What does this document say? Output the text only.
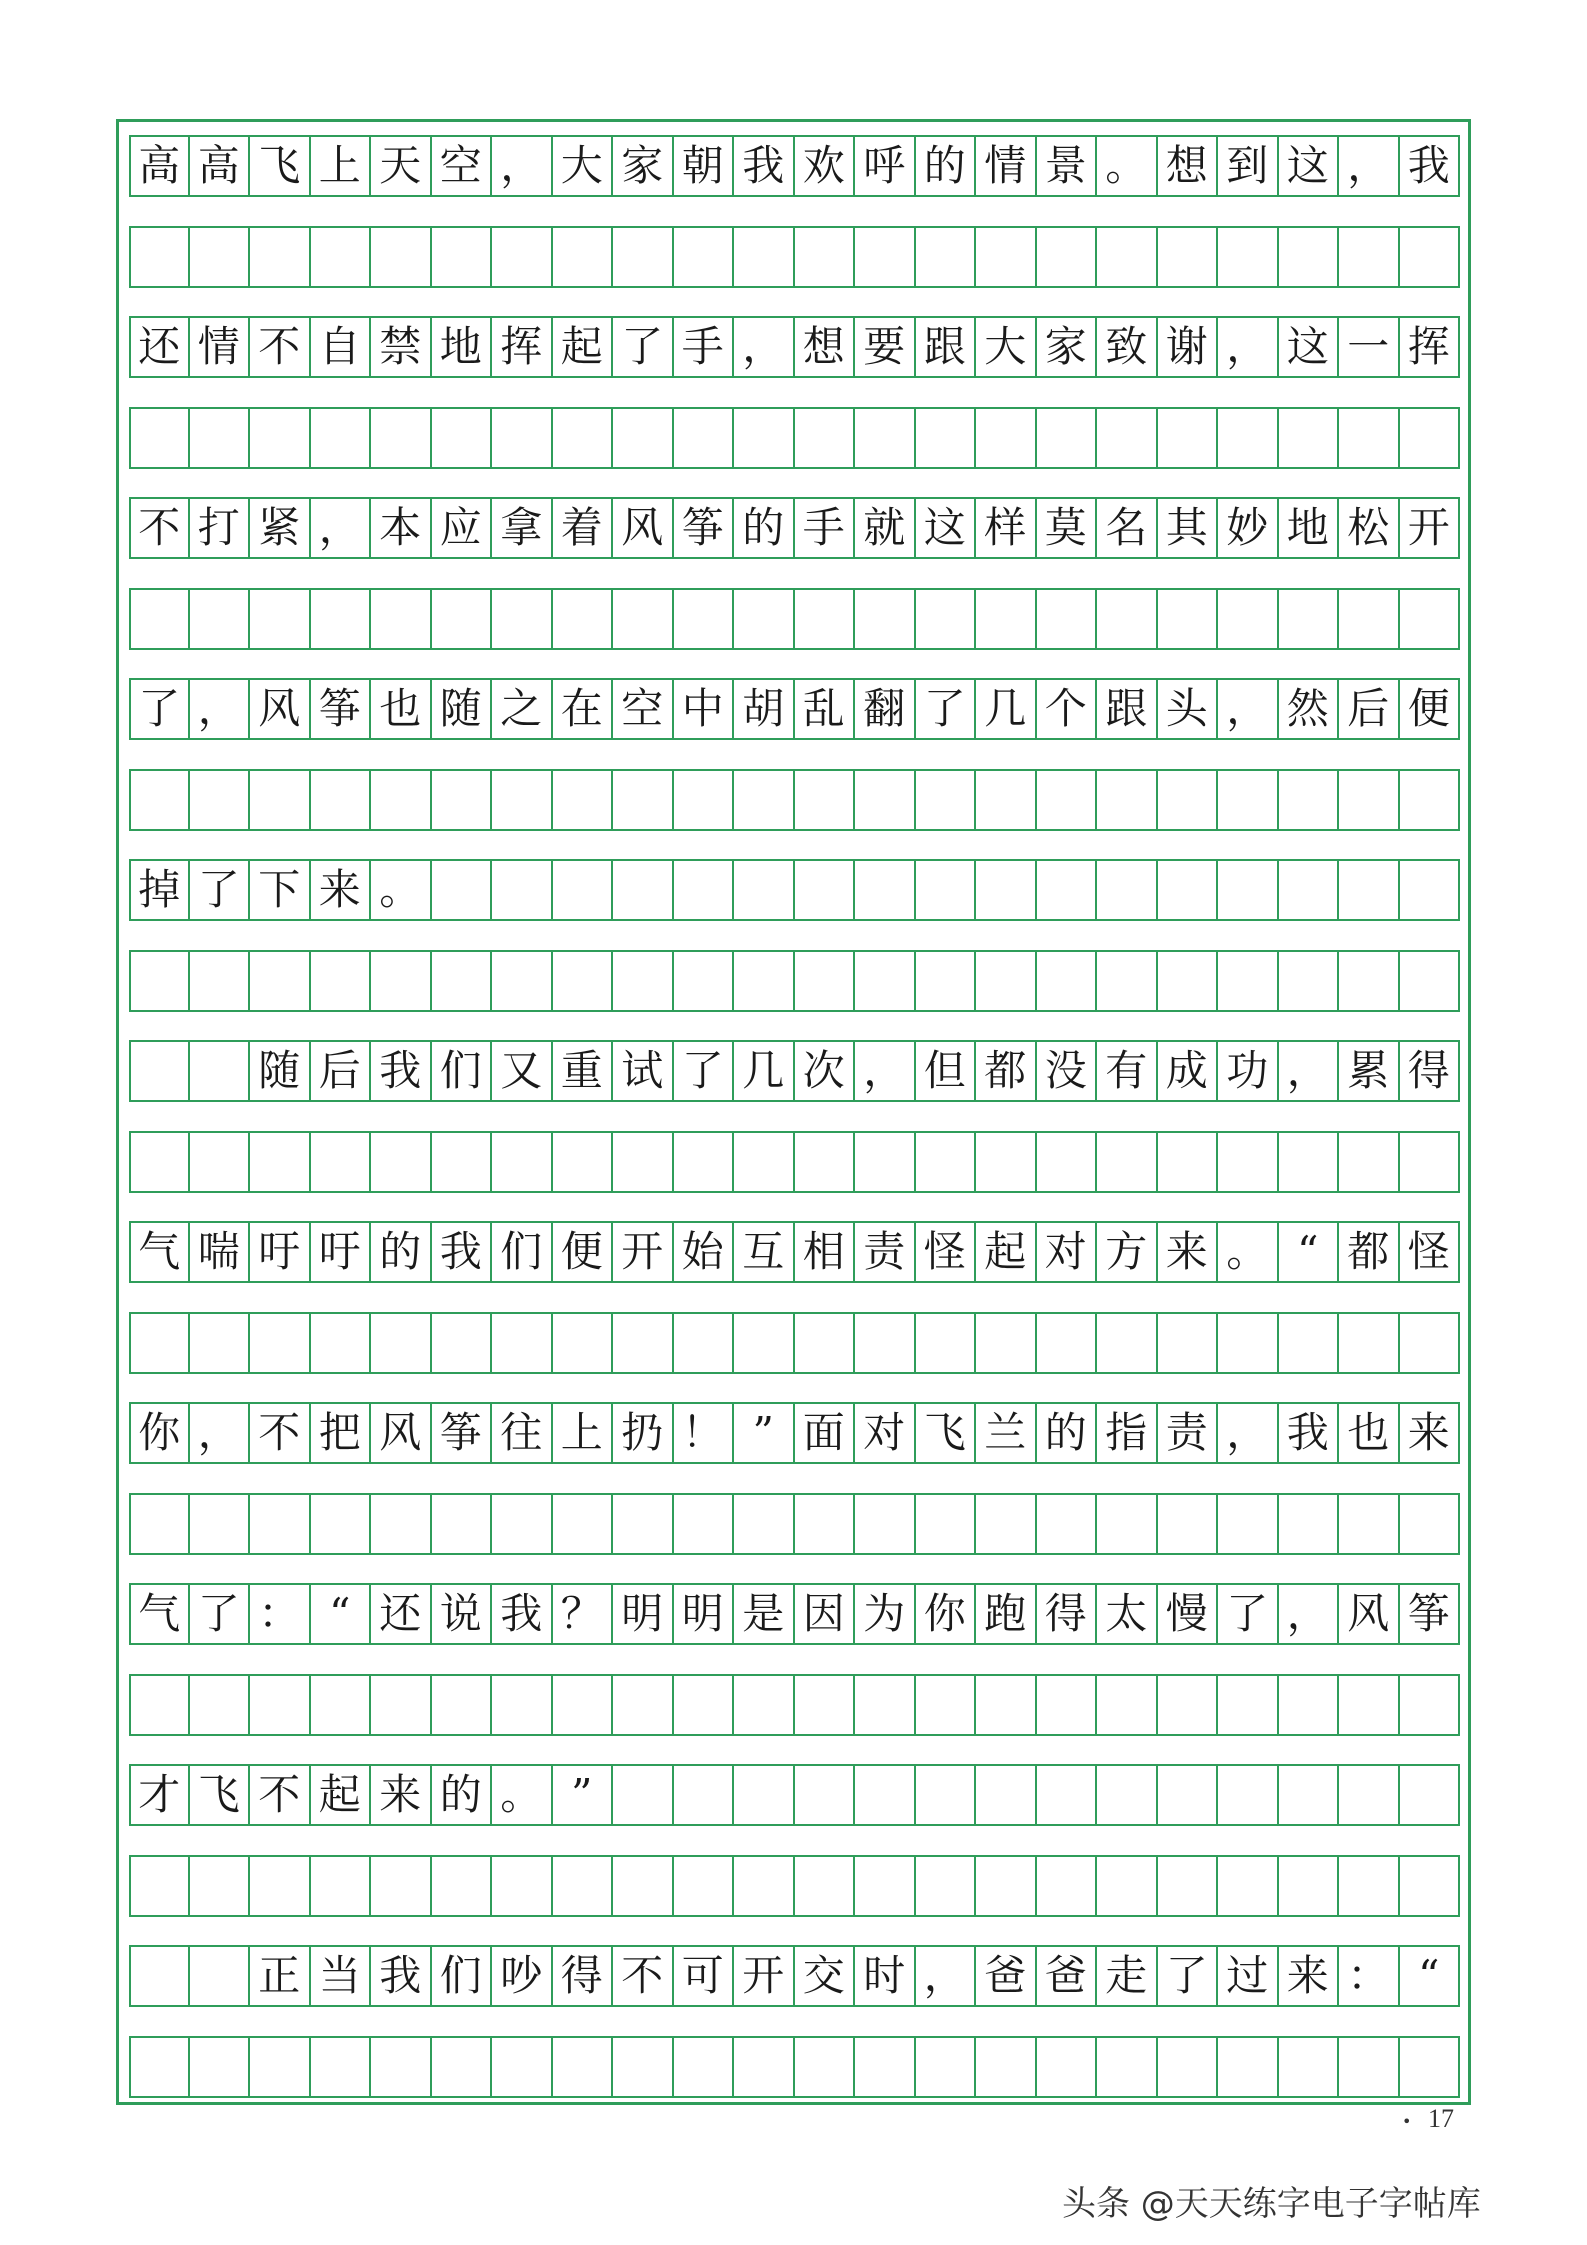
高 高 飞 上 天 空 ， 大 家 朝 我 欢 呼 的 情 景 。 想 到 这 ， 我
还 情 不 自 禁 地 挥 起 了 手 ， 想 要 跟 大 家 致 谢 ， 这 一 挥
不 打 紧 ， 本 应 拿 着 风 筝 的 手 就 这 样 莫 名 其 妙 地 松 开
了 ， 风 筝 也 随 之 在 空 中 胡 乱 翻 了 几 个 跟 头 ， 然 后 便
掉 了 下 来 。
随 后 我 们 又 重 试 了 几 次 ， 但 都 没 有 成 功 ， 累 得
气 喘 吁 吁 的 我 们 便 开 始 互 相 责 怪 起 对 方 来 。 “ 都 怪
你 ， 不 把 风 筝 往 上 扔 ！ ” 面 对 飞 兰 的 指 责 ， 我 也 来
气 了 ： “ 还 说 我 ？ 明 明 是 因 为 你 跑 得 太 慢 了 ， 风 筝
才 飞 不 起 来 的 。 ”
正 当 我 们 吵 得 不 可 开 交 时 ， 爸 爸 走 了 过 来 ： “
• 17
头条 @天天练字电子字帖库
